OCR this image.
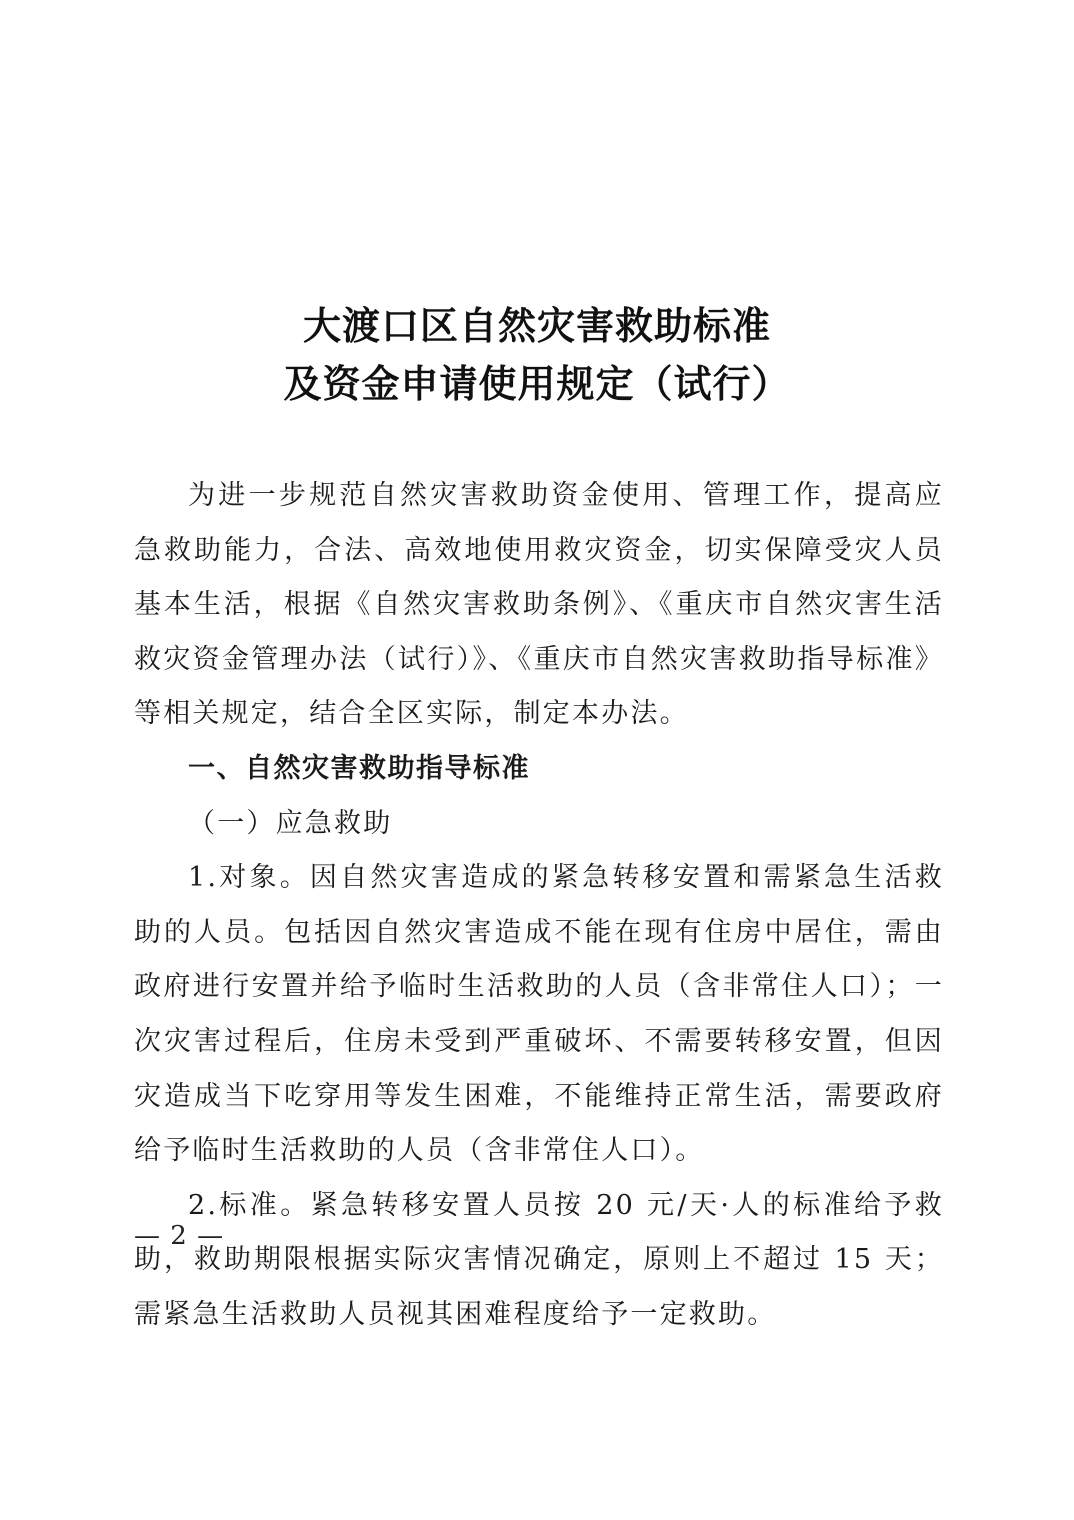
大渡口区自然灾害救助标准
及资金申请使用规定（试行）

为进一步规范自然灾害救助资金使用、管理工作，提高应急救助能力，合法、高效地使用救灾资金，切实保障受灾人员基本生活，根据《自然灾害救助条例》、《重庆市自然灾害生活救灾资金管理办法（试行）》、《重庆市自然灾害救助指导标准》等相关规定，结合全区实际，制定本办法。

一、自然灾害救助指导标准

（一）应急救助

1.对象。因自然灾害造成的紧急转移安置和需紧急生活救助的人员。包括因自然灾害造成不能在现有住房中居住，需由政府进行安置并给予临时生活救助的人员（含非常住人口）；一次灾害过程后，住房未受到严重破坏、不需要转移安置，但因灾造成当下吃穿用等发生困难，不能维持正常生活，需要政府给予临时生活救助的人员（含非常住人口）。

2.标准。紧急转移安置人员按 20 元/天·人的标准给予救助，救助期限根据实际灾害情况确定，原则上不超过 15 天；需紧急生活救助人员视其困难程度给予一定救助。

— 2 —
